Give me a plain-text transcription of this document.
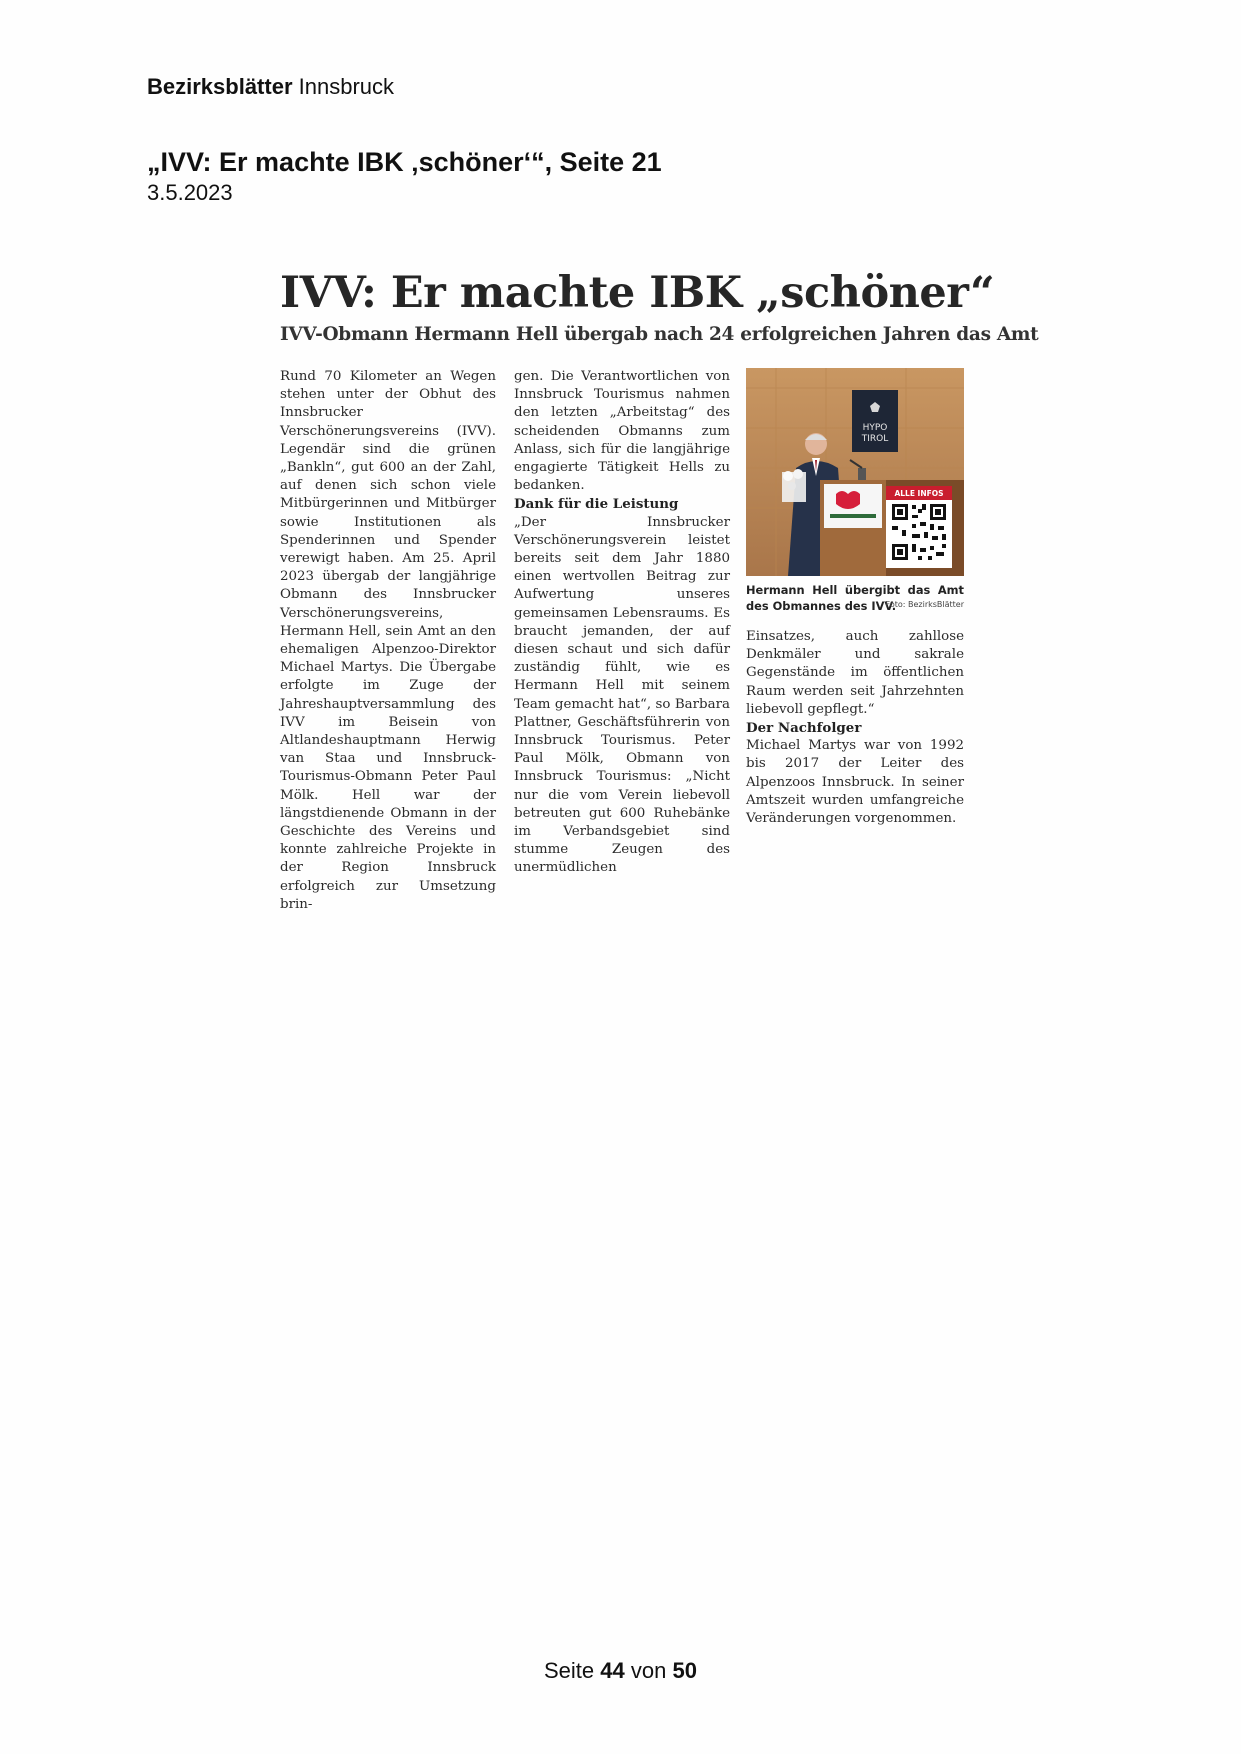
Bezirksblätter Innsbruck
„IVV: Er machte IBK ‚schöner‘“, Seite 21
3.5.2023
IVV: Er machte IBK „schöner“
IVV-Obmann Hermann Hell übergab nach 24 erfolgreichen Jahren das Amt

Rund 70 Kilometer an Wegen stehen unter der Obhut des Innsbrucker Verschönerungsvereins (IVV). Legendär sind die grünen „Bankln“, gut 600 an der Zahl, auf denen sich schon viele Mitbürgerinnen und Mitbürger sowie Institutionen als Spenderinnen und Spender verewigt haben. Am 25. April 2023 übergab der langjährige Obmann des Innsbrucker Verschönerungsvereins, Hermann Hell, sein Amt an den ehemaligen Alpenzoo-Direktor Michael Martys. Die Übergabe erfolgte im Zuge der Jahreshauptversammlung des IVV im Beisein von Altlandeshauptmann Herwig van Staa und Innsbruck-Tourismus-Obmann Peter Paul Mölk. Hell war der längstdienende Obmann in der Geschichte des Vereins und konnte zahlreiche Projekte in der Region Innsbruck erfolgreich zur Umsetzung brin-

gen. Die Verantwortlichen von Innsbruck Tourismus nahmen den letzten „Arbeitstag“ des scheidenden Obmanns zum Anlass, sich für die langjährige engagierte Tätigkeit Hells zu bedanken.

Dank für die Leistung

„Der Innsbrucker Verschönerungsverein leistet bereits seit dem Jahr 1880 einen wertvollen Beitrag zur Aufwertung unseres gemeinsamen Lebensraums. Es braucht jemanden, der auf diesen schaut und sich dafür zuständig fühlt, wie es Hermann Hell mit seinem Team gemacht hat“, so Barbara Plattner, Geschäftsführerin von Innsbruck Tourismus. Peter Paul Mölk, Obmann von Innsbruck Tourismus: „Nicht nur die vom Verein liebevoll betreuten gut 600 Ruhebänke im Verbandsgebiet sind stumme Zeugen des unermüdlichen

HYPO
TIROL
ALLE INFOS
Hermann Hell übergibt das Amt des Obmannes des IVV.
Foto: BezirksBlätter

Einsatzes, auch zahllose Denkmäler und sakrale Gegenstände im öffentlichen Raum werden seit Jahrzehnten liebevoll gepflegt.“

Der Nachfolger

Michael Martys war von 1992 bis 2017 der Leiter des Alpenzoos Innsbruck. In seiner Amtszeit wurden umfangreiche Veränderungen vorgenommen.

Seite 44 von 50
